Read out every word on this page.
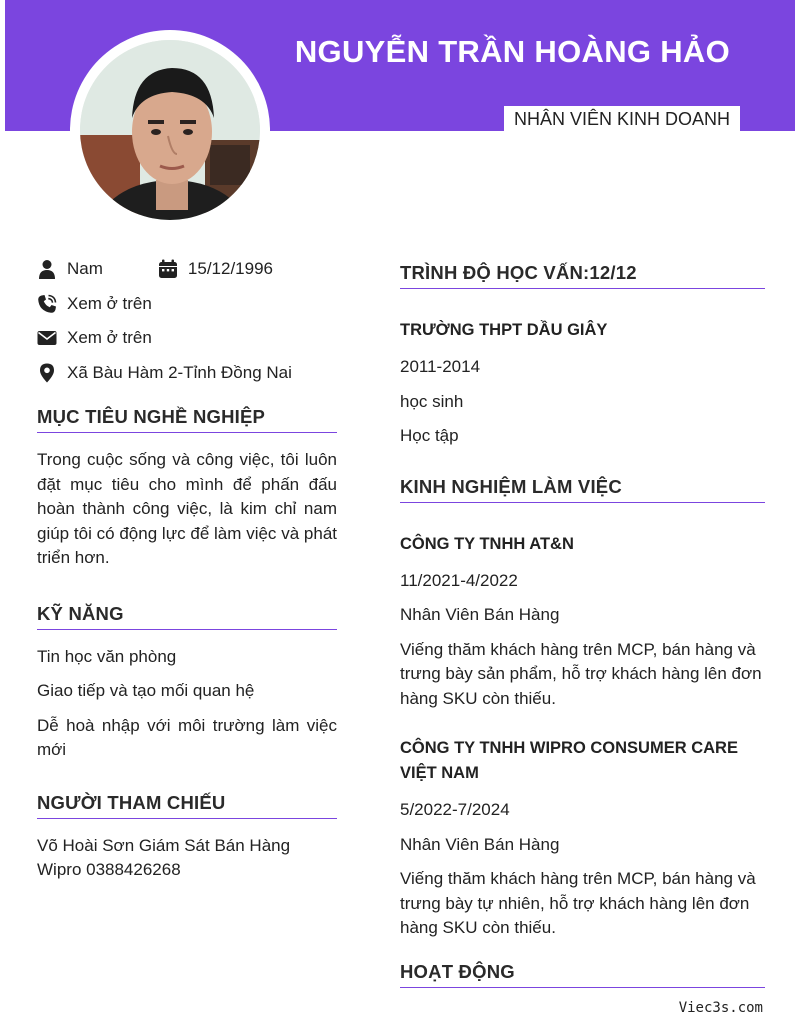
NGUYỄN TRẦN HOÀNG HẢO
NHÂN VIÊN KINH DOANH
Nam	15/12/1996
Xem ở trên
Xem ở trên
Xã Bàu Hàm 2-Tỉnh Đồng Nai
MỤC TIÊU NGHỀ NGHIỆP
Trong cuộc sống và công việc, tôi luôn đặt mục tiêu cho mình để phấn đấu hoàn thành công việc, là kim chỉ nam giúp tôi có động lực để làm việc và phát triển hơn.
KỸ NĂNG
Tin học văn phòng
Giao tiếp và tạo mối quan hệ
Dễ hoà nhập với môi trường làm việc mới
NGƯỜI THAM CHIẾU
Võ Hoài Sơn Giám Sát Bán Hàng Wipro 0388426268
TRÌNH ĐỘ HỌC VẤN:12/12
TRƯỜNG THPT DẦU GIÂY
2011-2014
học sinh
Học tập
KINH NGHIỆM LÀM VIỆC
CÔNG TY TNHH AT&N
11/2021-4/2022
Nhân Viên Bán Hàng
Viếng thăm khách hàng trên MCP, bán hàng và trưng bày sản phẩm, hỗ trợ khách hàng lên đơn hàng SKU còn thiếu.
CÔNG TY TNHH WIPRO CONSUMER CARE VIỆT NAM
5/2022-7/2024
Nhân Viên Bán Hàng
Viếng thăm khách hàng trên MCP, bán hàng và trưng bày tự nhiên, hỗ trợ khách hàng lên đơn hàng SKU còn thiếu.
HOẠT ĐỘNG
Viec3s.com
